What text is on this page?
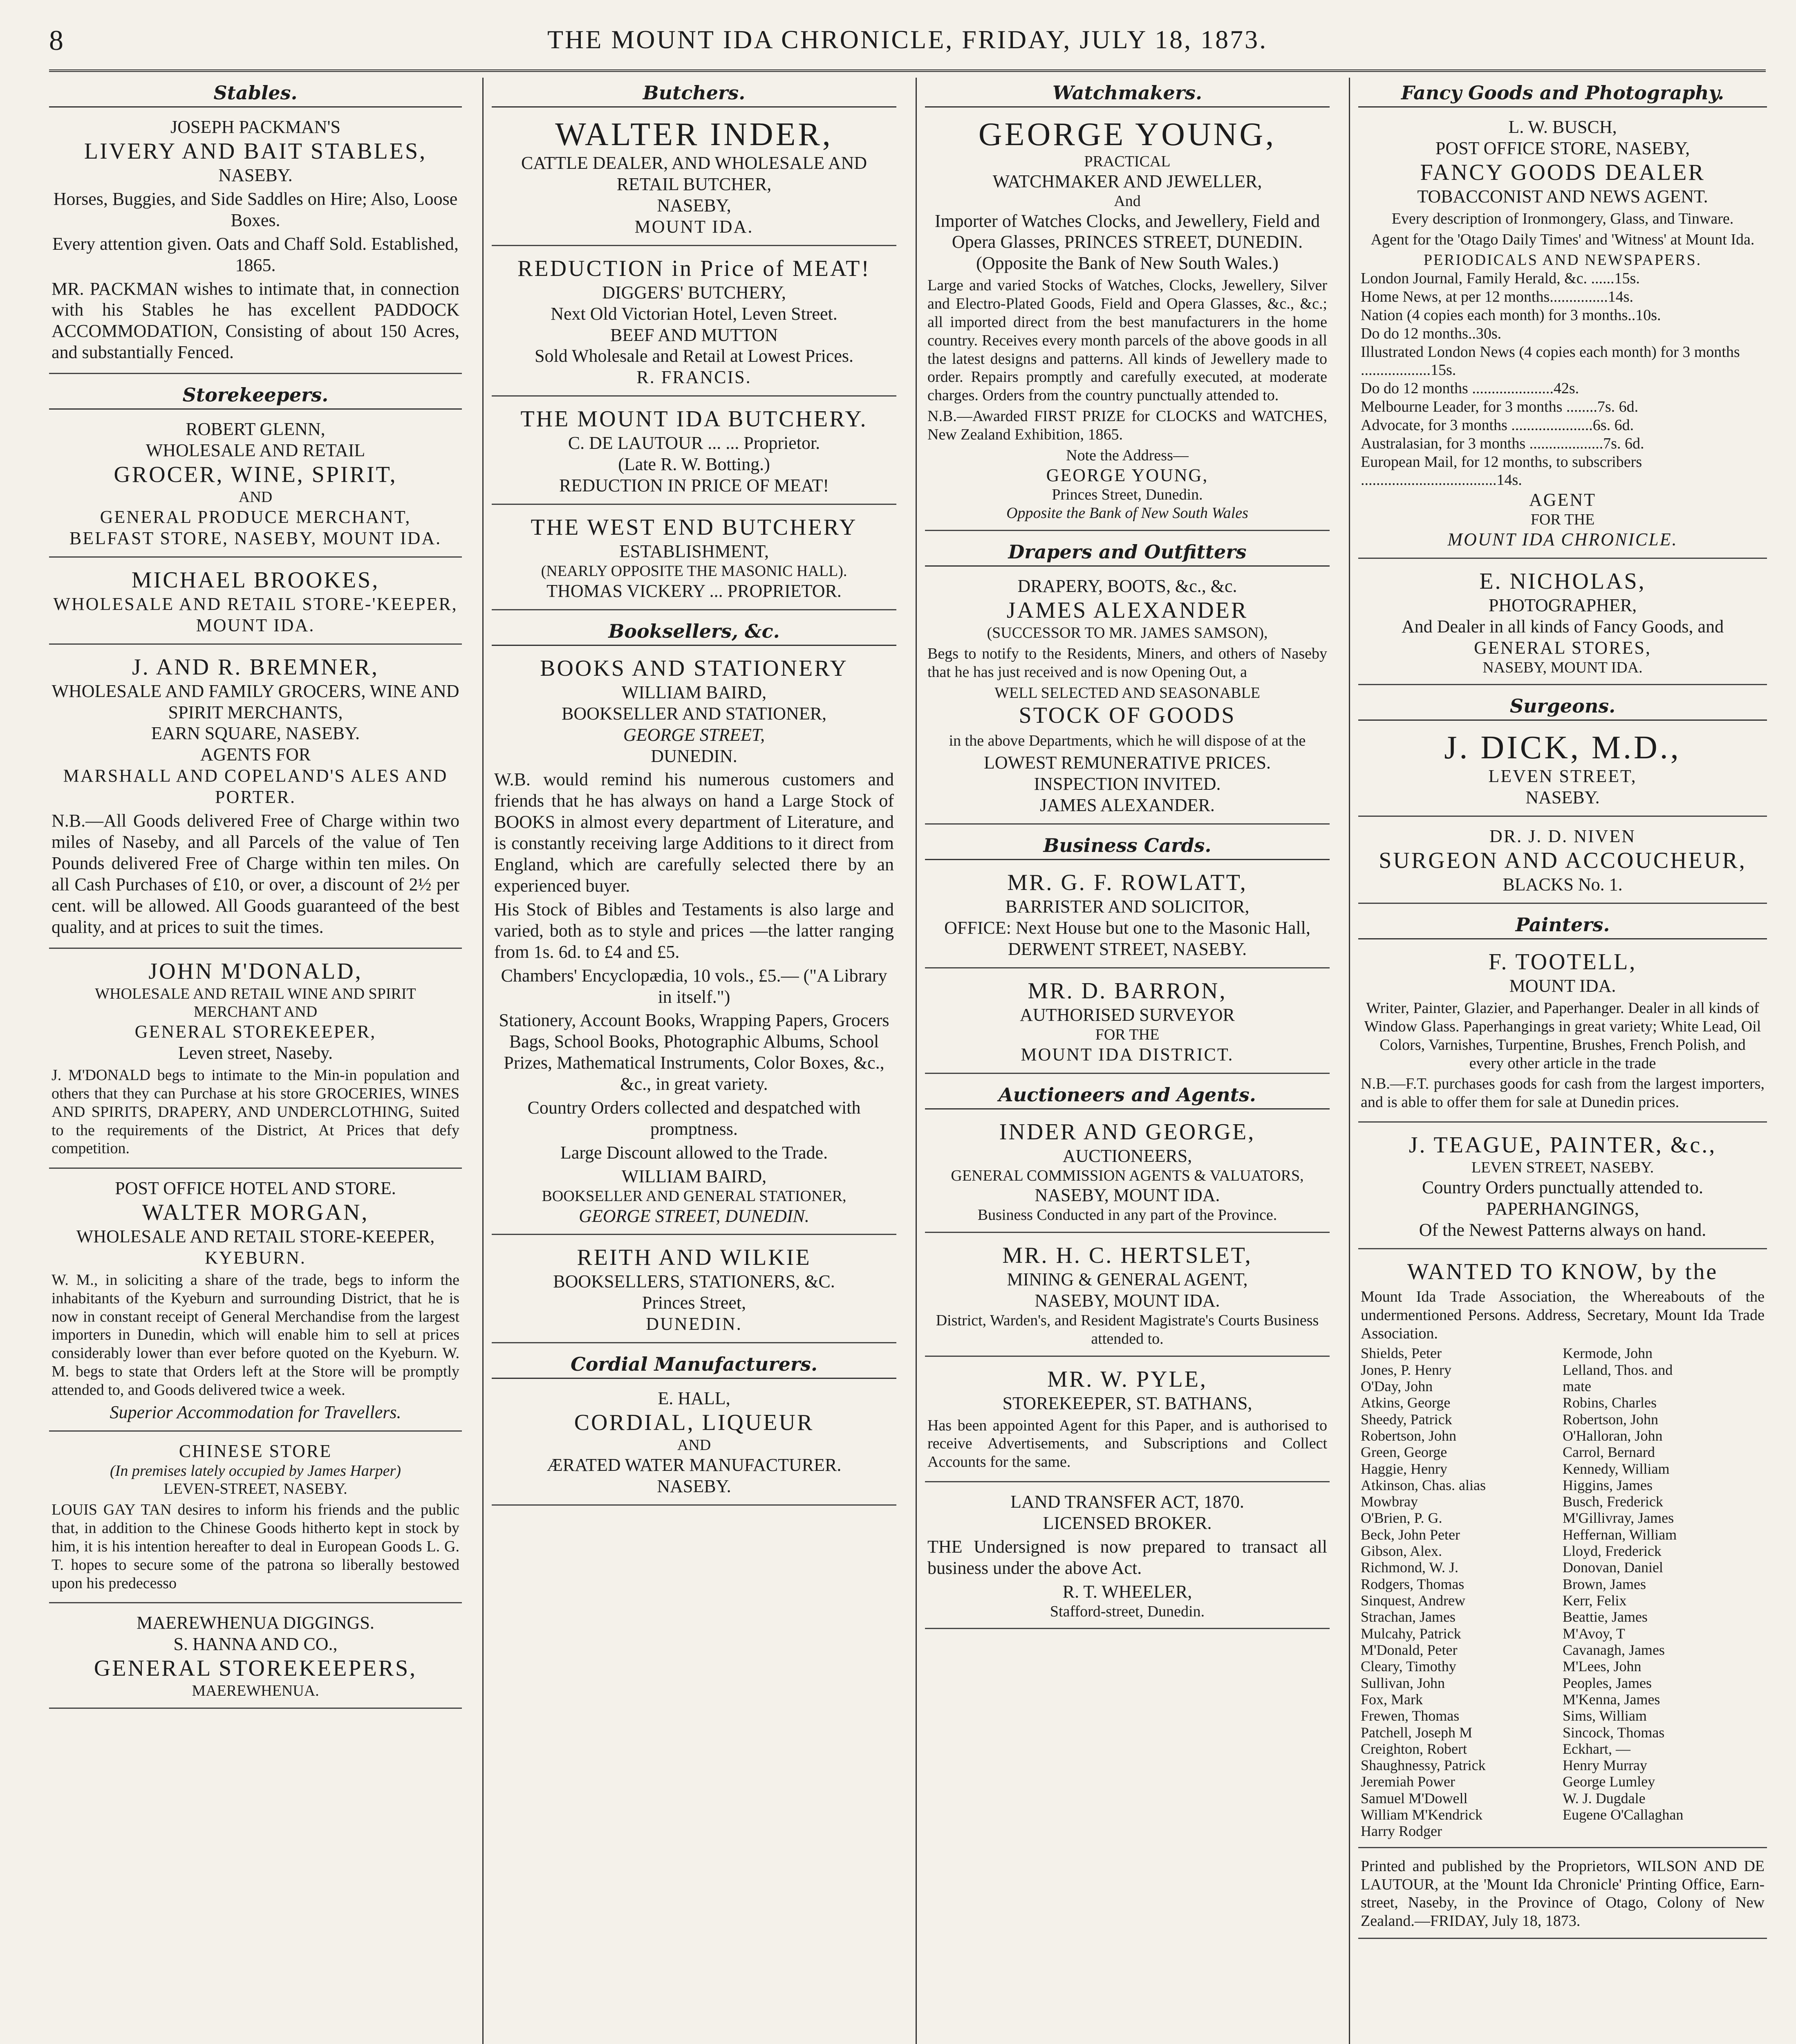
8	THE MOUNT IDA CHRONICLE, FRIDAY, JULY 18, 1873.
Stables.
JOSEPH PACKMAN'S
LIVERY AND BAIT STABLES,
NASEBY.

Horses, Buggies, and Side Saddles on Hire; Also, Loose Boxes.

Every attention given. Oats and Chaff Sold. Established, 1865.

MR. PACKMAN wishes to intimate that, in connection with his Stables he has excellent PADDOCK ACCOMMODATION, Consisting of about 150 Acres, and substantially Fenced.

Storekeepers.
ROBERT GLENN,
WHOLESALE AND RETAIL
GROCER, WINE, SPIRIT,
AND
GENERAL PRODUCE MERCHANT,
BELFAST STORE, NASEBY, MOUNT IDA.
MICHAEL BROOKES,
WHOLESALE AND RETAIL STORE-'KEEPER,
MOUNT IDA.
J. AND R. BREMNER,
WHOLESALE AND FAMILY GROCERS, WINE AND SPIRIT MERCHANTS,
EARN SQUARE, NASEBY.
AGENTS FOR
MARSHALL AND COPELAND'S ALES AND PORTER.

N.B.—All Goods delivered Free of Charge within two miles of Naseby, and all Parcels of the value of Ten Pounds delivered Free of Charge within ten miles. On all Cash Purchases of £10, or over, a discount of 2½ per cent. will be allowed. All Goods guaranteed of the best quality, and at prices to suit the times.

JOHN M'DONALD,
WHOLESALE AND RETAIL WINE AND SPIRIT MERCHANT AND
GENERAL STOREKEEPER,
Leven street, Naseby.

J. M'DONALD begs to intimate to the Min-in population and others that they can Purchase at his store GROCERIES, WINES AND SPIRITS, DRAPERY, AND UNDERCLOTHING, Suited to the requirements of the District, At Prices that defy competition.

POST OFFICE HOTEL AND STORE.
WALTER MORGAN,
WHOLESALE AND RETAIL STORE-KEEPER,
KYEBURN.

W. M., in soliciting a share of the trade, begs to inform the inhabitants of the Kyeburn and surrounding District, that he is now in constant receipt of General Merchandise from the largest importers in Dunedin, which will enable him to sell at prices considerably lower than ever before quoted on the Kyeburn. W. M. begs to state that Orders left at the Store will be promptly attended to, and Goods delivered twice a week.

Superior Accommodation for Travellers.
CHINESE STORE
(In premises lately occupied by James Harper)
LEVEN-STREET, NASEBY.

LOUIS GAY TAN desires to inform his friends and the public that, in addition to the Chinese Goods hitherto kept in stock by him, it is his intention hereafter to deal in European Goods L. G. T. hopes to secure some of the patrona so liberally bestowed upon his predecesso

MAEREWHENUA DIGGINGS.
S. HANNA AND CO.,
GENERAL STOREKEEPERS,
MAEREWHENUA.
Butchers.
WALTER INDER,
CATTLE DEALER, AND WHOLESALE AND RETAIL BUTCHER,
NASEBY,
MOUNT IDA.
REDUCTION in Price of MEAT!
DIGGERS' BUTCHERY,
Next Old Victorian Hotel, Leven Street.
BEEF AND MUTTON
Sold Wholesale and Retail at Lowest Prices.
R. FRANCIS.
THE MOUNT IDA BUTCHERY.
C. DE LAUTOUR ... ... Proprietor.
(Late R. W. Botting.)
REDUCTION IN PRICE OF MEAT!
THE WEST END BUTCHERY
ESTABLISHMENT,
(NEARLY OPPOSITE THE MASONIC HALL).
THOMAS VICKERY ... PROPRIETOR.
Booksellers, &c.
BOOKS AND STATIONERY
WILLIAM BAIRD,
BOOKSELLER AND STATIONER,
GEORGE STREET,
DUNEDIN.

W.B. would remind his numerous customers and friends that he has always on hand a Large Stock of BOOKS in almost every department of Literature, and is constantly receiving large Additions to it direct from England, which are carefully selected there by an experienced buyer.

His Stock of Bibles and Testaments is also large and varied, both as to style and prices —the latter ranging from 1s. 6d. to £4 and £5.

Chambers' Encyclopædia, 10 vols., £5.— ("A Library in itself.")

Stationery, Account Books, Wrapping Papers, Grocers Bags, School Books, Photographic Albums, School Prizes, Mathematical Instruments, Color Boxes, &c., &c., in great variety.

Country Orders collected and despatched with promptness.

Large Discount allowed to the Trade.

WILLIAM BAIRD,
BOOKSELLER AND GENERAL STATIONER,
GEORGE STREET, DUNEDIN.
REITH AND WILKIE
BOOKSELLERS, STATIONERS, &C.
Princes Street,
DUNEDIN.
Cordial Manufacturers.
E. HALL,
CORDIAL, LIQUEUR
AND
ÆRATED WATER MANUFACTURER.
NASEBY.
Watchmakers.
GEORGE YOUNG,
PRACTICAL
WATCHMAKER AND JEWELLER,
And
Importer of Watches Clocks, and Jewellery, Field and Opera Glasses, PRINCES STREET, DUNEDIN. (Opposite the Bank of New South Wales.)

Large and varied Stocks of Watches, Clocks, Jewellery, Silver and Electro-Plated Goods, Field and Opera Glasses, &c., &c.; all imported direct from the best manufacturers in the home country. Receives every month parcels of the above goods in all the latest designs and patterns. All kinds of Jewellery made to order. Repairs promptly and carefully executed, at moderate charges. Orders from the country punctually attended to.

N.B.—Awarded FIRST PRIZE for CLOCKS and WATCHES, New Zealand Exhibition, 1865.

Note the Address—
GEORGE YOUNG,
Princes Street, Dunedin.
Opposite the Bank of New South Wales
Drapers and Outfitters
DRAPERY, BOOTS, &c., &c.
JAMES ALEXANDER
(SUCCESSOR TO MR. JAMES SAMSON),

Begs to notify to the Residents, Miners, and others of Naseby that he has just received and is now Opening Out, a

WELL SELECTED AND SEASONABLE
STOCK OF GOODS

in the above Departments, which he will dispose of at the

LOWEST REMUNERATIVE PRICES.
INSPECTION INVITED.
JAMES ALEXANDER.
Business Cards.
MR. G. F. ROWLATT,
BARRISTER AND SOLICITOR,
OFFICE: Next House but one to the Masonic Hall,
DERWENT STREET, NASEBY.
MR. D. BARRON,
AUTHORISED SURVEYOR
FOR THE
MOUNT IDA DISTRICT.
Auctioneers and Agents.
INDER AND GEORGE,
AUCTIONEERS,
GENERAL COMMISSION AGENTS & VALUATORS,
NASEBY, MOUNT IDA.
Business Conducted in any part of the Province.
MR. H. C. HERTSLET,
MINING & GENERAL AGENT,
NASEBY, MOUNT IDA.
District, Warden's, and Resident Magistrate's Courts Business attended to.
MR. W. PYLE,
STOREKEEPER, ST. BATHANS,

Has been appointed Agent for this Paper, and is authorised to receive Advertisements, and Subscriptions and Collect Accounts for the same.

LAND TRANSFER ACT, 1870.
LICENSED BROKER.

THE Undersigned is now prepared to transact all business under the above Act.

R. T. WHEELER,
Stafford-street, Dunedin.
Fancy Goods and Photography.
L. W. BUSCH,
POST OFFICE STORE, NASEBY,
FANCY GOODS DEALER
TOBACCONIST AND NEWS AGENT.

Every description of Ironmongery, Glass, and Tinware.

Agent for the 'Otago Daily Times' and 'Witness' at Mount Ida.

PERIODICALS AND NEWSPAPERS.
London Journal, Family Herald, &c. ......15s.
Home News, at per 12 months...............14s.
Nation (4 copies each month) for 3 months..10s.
Do do 12 months..30s.
Illustrated London News (4 copies each month) for 3 months ..................15s.
Do do 12 months .....................42s.
Melbourne Leader, for 3 months ........7s. 6d.
Advocate, for 3 months .....................6s. 6d.
Australasian, for 3 months ...................7s. 6d.
European Mail, for 12 months, to subscribers ...................................14s.
AGENT
FOR THE
MOUNT IDA CHRONICLE.
E. NICHOLAS,
PHOTOGRAPHER,
And Dealer in all kinds of Fancy Goods, and
GENERAL STORES,
NASEBY, MOUNT IDA.
Surgeons.
J. DICK, M.D.,
LEVEN STREET,
NASEBY.
DR. J. D. NIVEN
SURGEON AND ACCOUCHEUR,
BLACKS No. 1.
Painters.
F. TOOTELL,
MOUNT IDA.

Writer, Painter, Glazier, and Paperhanger. Dealer in all kinds of Window Glass. Paperhangings in great variety; White Lead, Oil Colors, Varnishes, Turpentine, Brushes, French Polish, and every other article in the trade

N.B.—F.T. purchases goods for cash from the largest importers, and is able to offer them for sale at Dunedin prices.

J. TEAGUE, PAINTER, &c.,
LEVEN STREET, NASEBY.
Country Orders punctually attended to.
PAPERHANGINGS,
Of the Newest Patterns always on hand.
WANTED TO KNOW, by the

Mount Ida Trade Association, the Whereabouts of the undermentioned Persons. Address, Secretary, Mount Ida Trade Association.

Shields, Peter
Jones, P. Henry
O'Day, John
Atkins, George
Sheedy, Patrick
Robertson, John
Green, George
Haggie, Henry
Atkinson, Chas. alias
Mowbray
O'Brien, P. G.
Beck, John Peter
Gibson, Alex.
Richmond, W. J.
Rodgers, Thomas
Sinquest, Andrew
Strachan, James
Mulcahy, Patrick
M'Donald, Peter
Cleary, Timothy
Sullivan, John
Fox, Mark
Frewen, Thomas
Patchell, Joseph M
Creighton, Robert
Shaughnessy, Patrick
Jeremiah Power
Samuel M'Dowell
William M'Kendrick
Harry Rodger
Kermode, John
Lelland, Thos. and
mate
Robins, Charles
Robertson, John
O'Halloran, John
Carrol, Bernard
Kennedy, William
Higgins, James
Busch, Frederick
M'Gillivray, James
Heffernan, William
Lloyd, Frederick
Donovan, Daniel
Brown, James
Kerr, Felix
Beattie, James
M'Avoy, T
Cavanagh, James
M'Lees, John
Peoples, James
M'Kenna, James
Sims, William
Sincock, Thomas
Eckhart, —
Henry Murray
George Lumley
W. J. Dugdale
Eugene O'Callaghan
Printed and published by the Proprietors, WILSON AND DE LAUTOUR, at the 'Mount Ida Chronicle' Printing Office, Earn-street, Naseby, in the Province of Otago, Colony of New Zealand.—FRIDAY, July 18, 1873.
